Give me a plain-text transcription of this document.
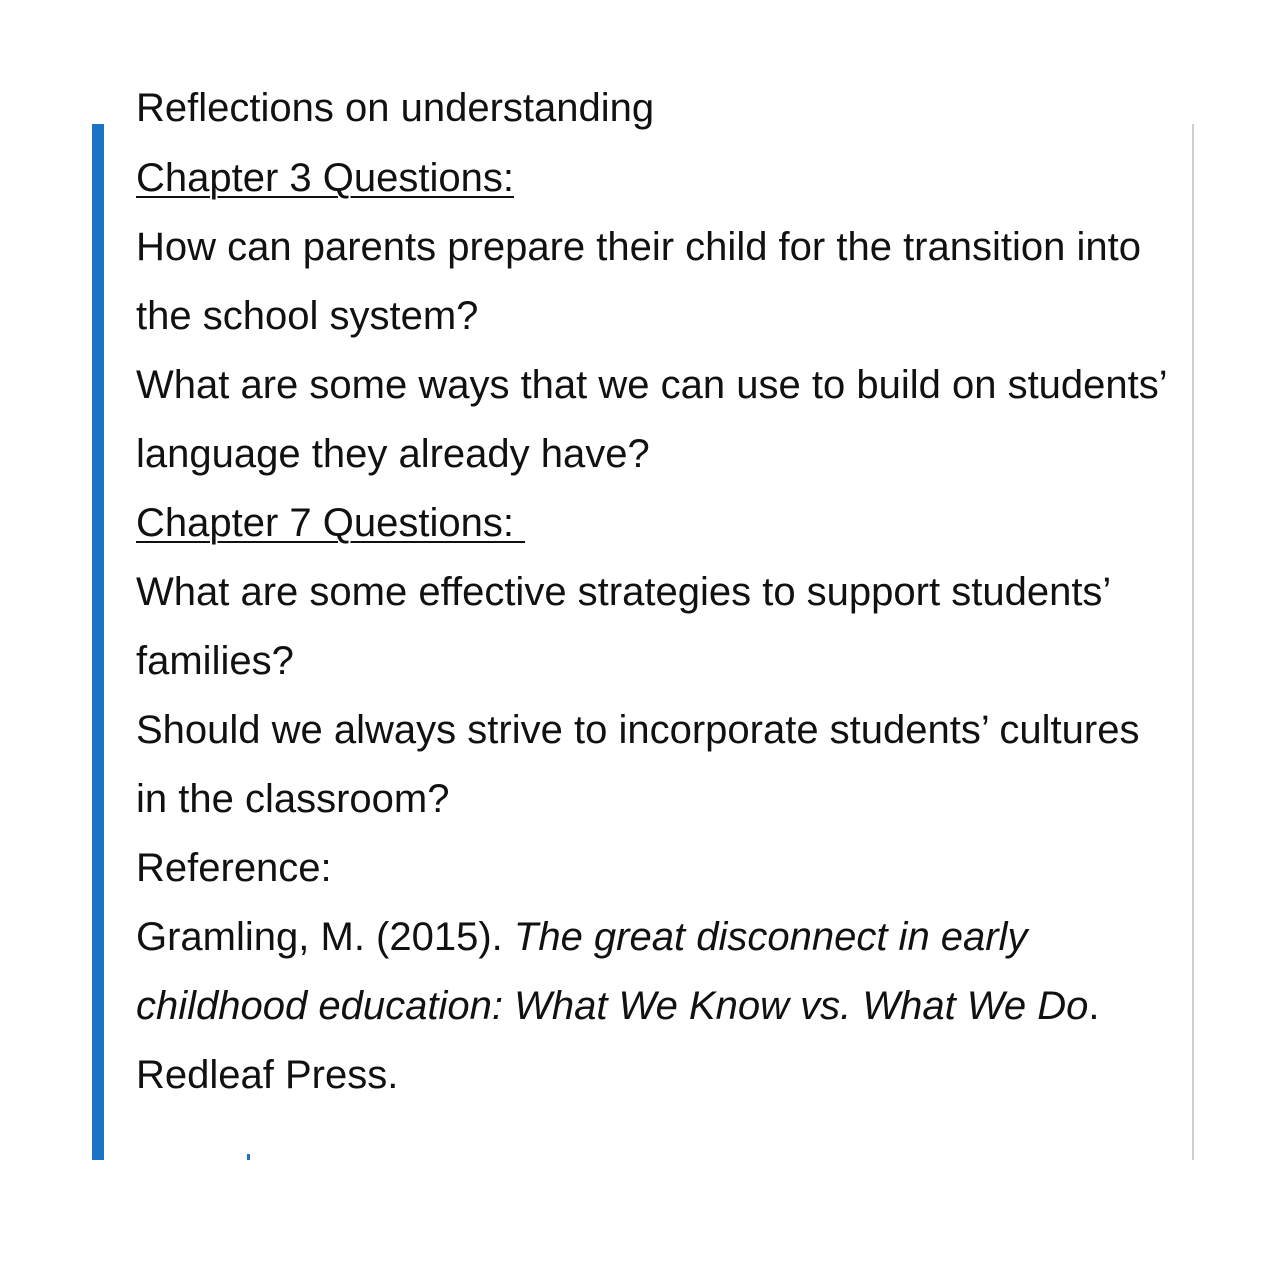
Reflections on understanding

Chapter 3 Questions:

How can parents prepare their child for the transition into the school system?

What are some ways that we can use to build on students’ language they already have?

Chapter 7 Questions:

What are some effective strategies to support students’ families?

Should we always strive to incorporate students’ cultures in the classroom?

Reference:

Gramling, M. (2015). The great disconnect in early childhood education: What We Know vs. What We Do. Redleaf Press.
